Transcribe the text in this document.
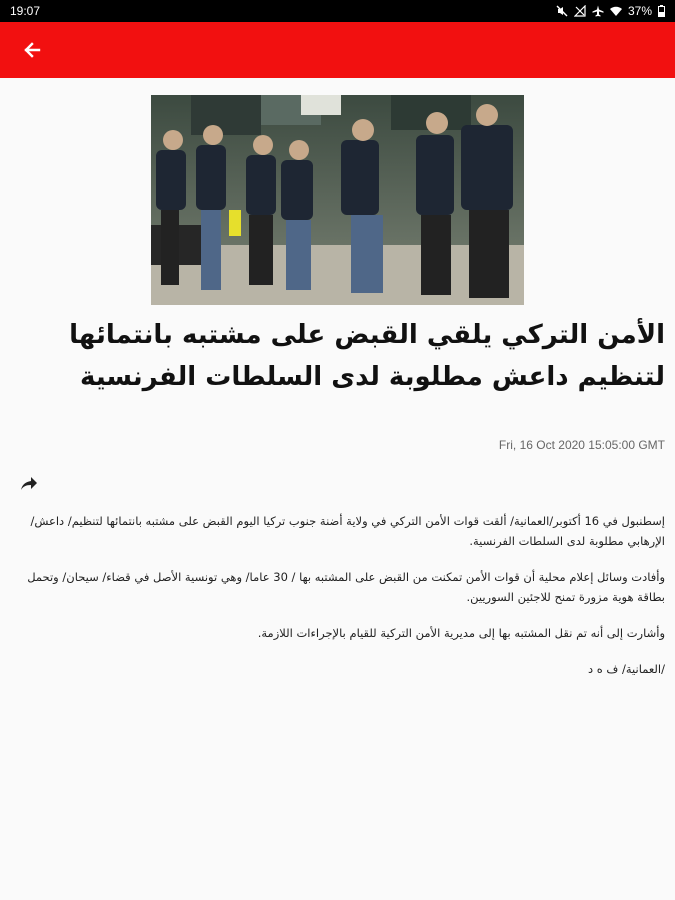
19:07	37%
الأمن التركي يلقي القبض على مشتبه بانتمائها لتنظيم داعش مطلوبة لدى السلطات الفرنسية
Fri, 16 Oct 2020 15:05:00 GMT

إسطنبول في 16 أكتوبر/العمانية/ ألقت قوات الأمن التركي في ولاية أضنة جنوب تركيا اليوم القبض على مشتبه بانتمائها لتنظيم/ داعش/ الإرهابي مطلوبة لدى السلطات الفرنسية.

وأفادت وسائل إعلام محلية أن قوات الأمن تمكنت من القبض على المشتبه بها / 30 عاما/ وهي تونسية الأصل في قضاء/ سيحان/ وتحمل بطاقة هوية مزورة تمنح للاجئين السوريين.

وأشارت إلى أنه تم نقل المشتبه بها إلى مديرية الأمن التركية للقيام بالإجراءات اللازمة.

/العمانية/ ف ه د
